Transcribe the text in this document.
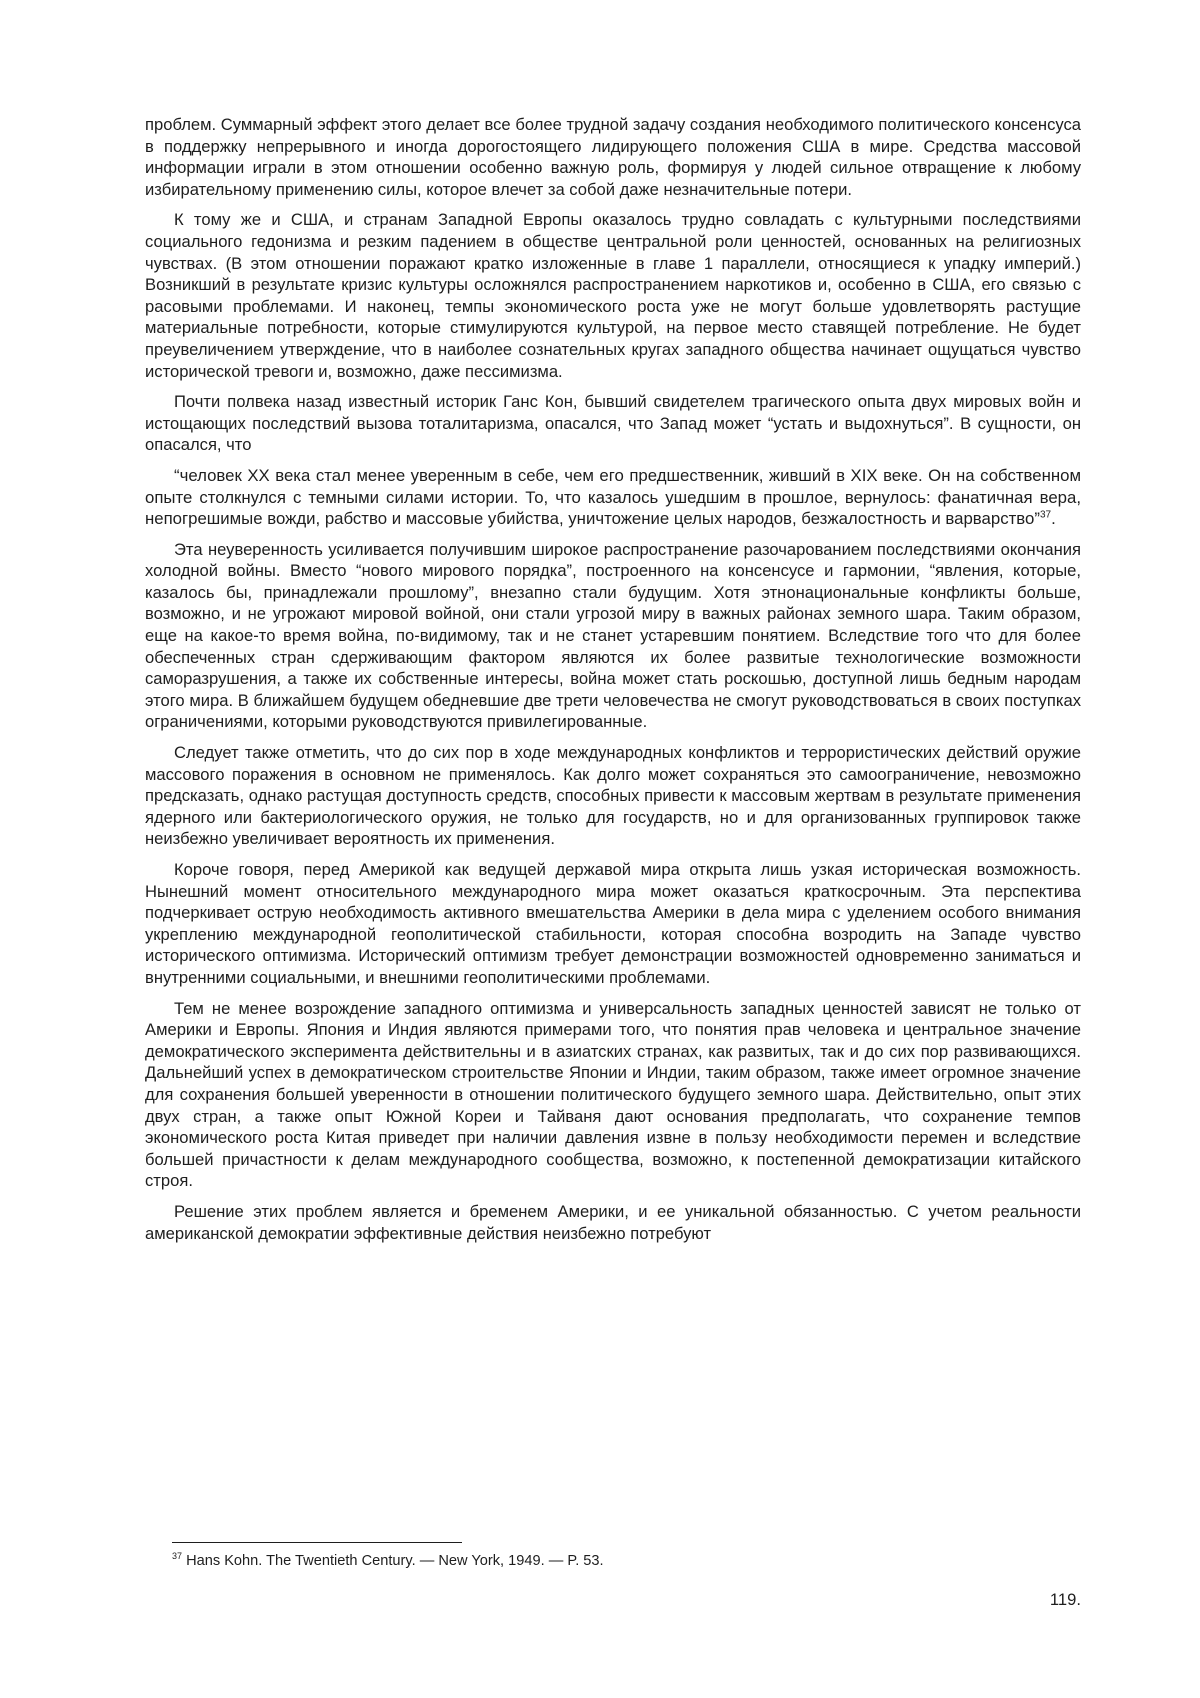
проблем. Суммарный эффект этого делает все более трудной задачу создания необходимого политического консенсуса в поддержку непрерывного и иногда дорогостоящего лидирующего положения США в мире. Средства массовой информации играли в этом отношении особенно важную роль, формируя у людей сильное отвращение к любому избирательному применению силы, которое влечет за собой даже незначительные потери.

К тому же и США, и странам Западной Европы оказалось трудно совладать с культурными последствиями социального гедонизма и резким падением в обществе центральной роли ценностей, основанных на религиозных чувствах. (В этом отношении поражают кратко изложенные в главе 1 параллели, относящиеся к упадку империй.) Возникший в результате кризис культуры осложнялся распространением наркотиков и, особенно в США, его связью с расовыми проблемами. И наконец, темпы экономического роста уже не могут больше удовлетворять растущие материальные потребности, которые стимулируются культурой, на первое место ставящей потребление. Не будет преувеличением утверждение, что в наиболее сознательных кругах западного общества начинает ощущаться чувство исторической тревоги и, возможно, даже пессимизма.

Почти полвека назад известный историк Ганс Кон, бывший свидетелем трагического опыта двух мировых войн и истощающих последствий вызова тоталитаризма, опасался, что Запад может “устать и выдохнуться”. В сущности, он опасался, что

“человек XX века стал менее уверенным в себе, чем его предшественник, живший в XIX веке. Он на собственном опыте столкнулся с темными силами истории. То, что казалось ушедшим в прошлое, вернулось: фанатичная вера, непогрешимые вожди, рабство и массовые убийства, уничтожение целых народов, безжалостность и варварство”$^{37}$.

Эта неуверенность усиливается получившим широкое распространение разочарованием последствиями окончания холодной войны. Вместо “нового мирового порядка”, построенного на консенсусе и гармонии, “явления, которые, казалось бы, принадлежали прошлому”, внезапно стали будущим. Хотя этнонациональные конфликты больше, возможно, и не угрожают мировой войной, они стали угрозой миру в важных районах земного шара. Таким образом, еще на какое-то время война, по-видимому, так и не станет устаревшим понятием. Вследствие того что для более обеспеченных стран сдерживающим фактором являются их более развитые технологические возможности саморазрушения, а также их собственные интересы, война может стать роскошью, доступной лишь бедным народам этого мира. В ближайшем будущем обедневшие две трети человечества не смогут руководствоваться в своих поступках ограничениями, которыми руководствуются привилегированные.

Следует также отметить, что до сих пор в ходе международных конфликтов и террористических действий оружие массового поражения в основном не применялось. Как долго может сохраняться это самоограничение, невозможно предсказать, однако растущая доступность средств, способных привести к массовым жертвам в результате применения ядерного или бактериологического оружия, не только для государств, но и для организованных группировок также неизбежно увеличивает вероятность их применения.

Короче говоря, перед Америкой как ведущей державой мира открыта лишь узкая историческая возможность. Нынешний момент относительного международного мира может оказаться краткосрочным. Эта перспектива подчеркивает острую необходимость активного вмешательства Америки в дела мира с уделением особого внимания укреплению международной геополитической стабильности, которая способна возродить на Западе чувство исторического оптимизма. Исторический оптимизм требует демонстрации возможностей одновременно заниматься и внутренними социальными, и внешними геополитическими проблемами.

Тем не менее возрождение западного оптимизма и универсальность западных ценностей зависят не только от Америки и Европы. Япония и Индия являются примерами того, что понятия прав человека и центральное значение демократического эксперимента действительны и в азиатских странах, как развитых, так и до сих пор развивающихся. Дальнейший успех в демократическом строительстве Японии и Индии, таким образом, также имеет огромное значение для сохранения большей уверенности в отношении политического будущего земного шара. Действительно, опыт этих двух стран, а также опыт Южной Кореи и Тайваня дают основания предполагать, что сохранение темпов экономического роста Китая приведет при наличии давления извне в пользу необходимости перемен и вследствие большей причастности к делам международного сообщества, возможно, к постепенной демократизации китайского строя.

Решение этих проблем является и бременем Америки, и ее уникальной обязанностью. С учетом реальности американской демократии эффективные действия неизбежно потребуют

$^{37}$ Hans Kohn. The Twentieth Century. — New York, 1949. — P. 53.
119.
